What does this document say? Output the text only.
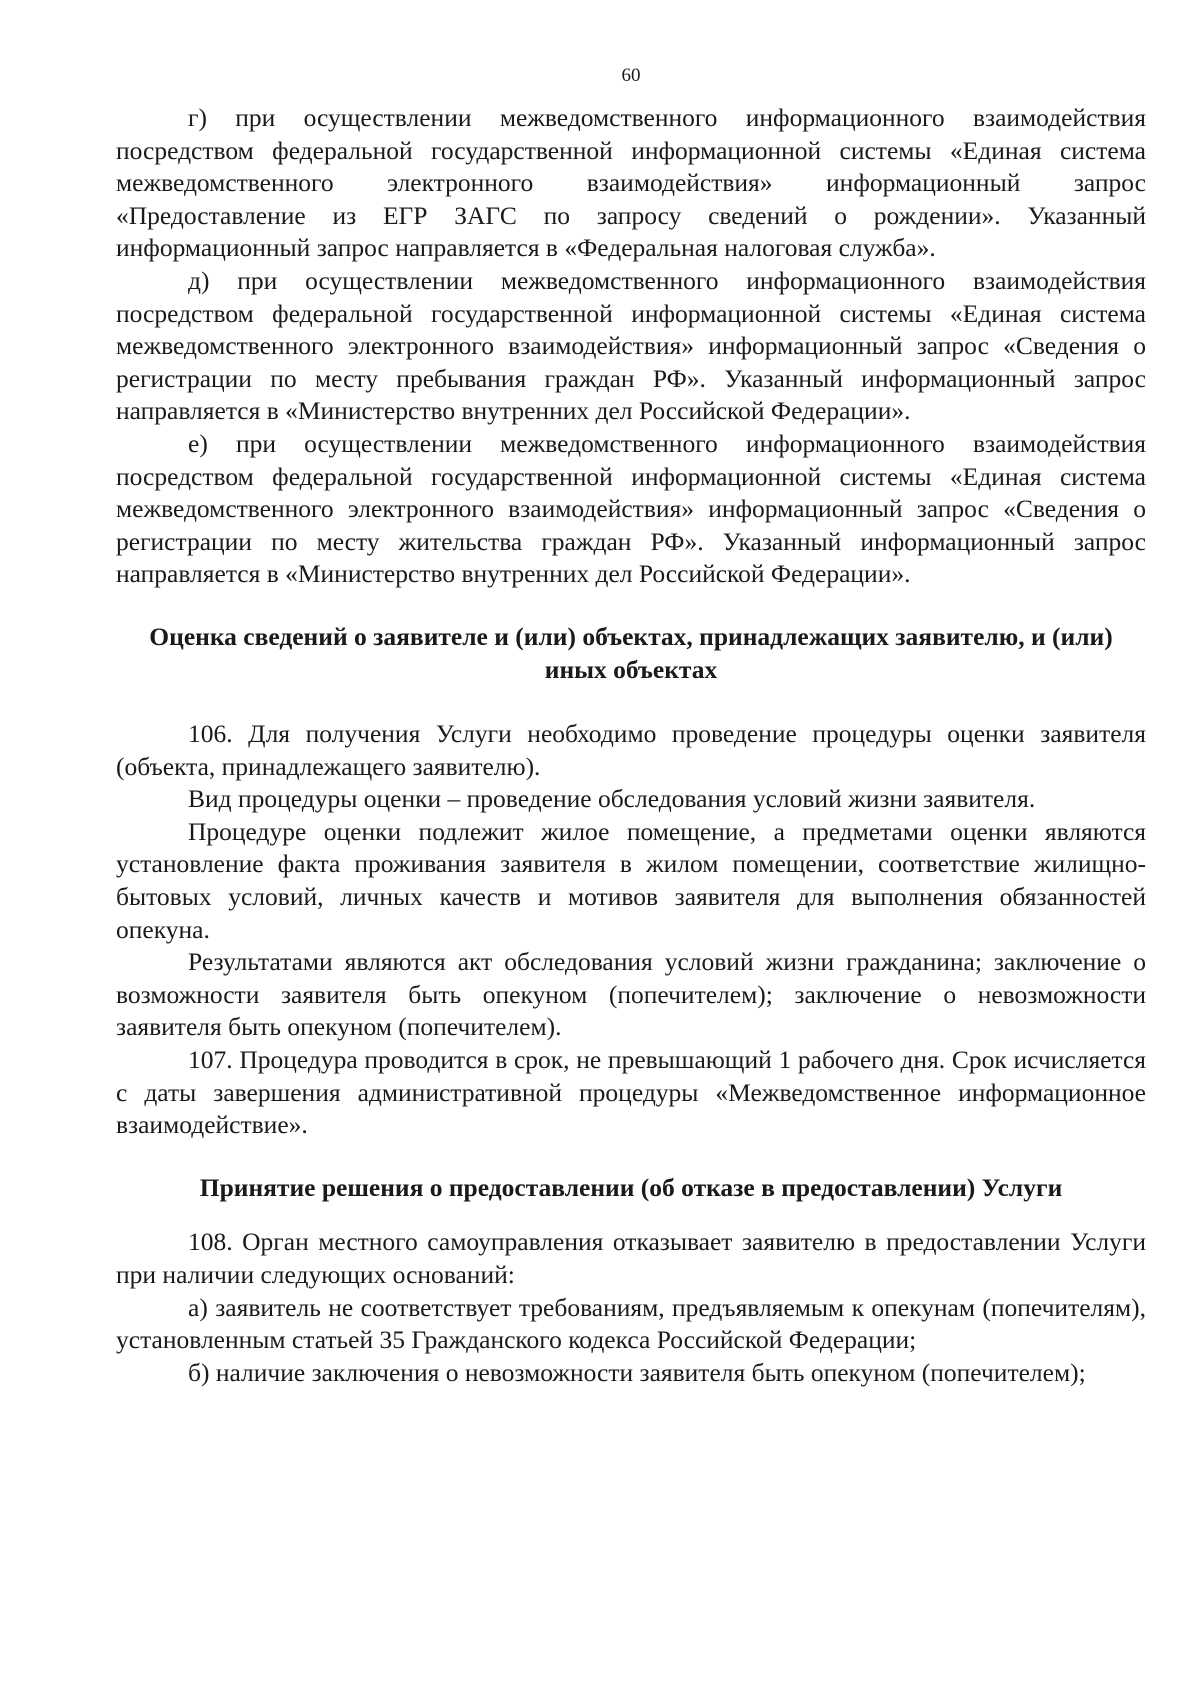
60

г) при осуществлении межведомственного информационного взаимодействия посредством федеральной государственной информационной системы «Единая система межведомственного электронного взаимодействия» информационный запрос «Предоставление из ЕГР ЗАГС по запросу сведений о рождении». Указанный информационный запрос направляется в «Федеральная налоговая служба».

д) при осуществлении межведомственного информационного взаимодействия посредством федеральной государственной информационной системы «Единая система межведомственного электронного взаимодействия» информационный запрос «Сведения о регистрации по месту пребывания граждан РФ». Указанный информационный запрос направляется в «Министерство внутренних дел Российской Федерации».

е) при осуществлении межведомственного информационного взаимодействия посредством федеральной государственной информационной системы «Единая система межведомственного электронного взаимодействия» информационный запрос «Сведения о регистрации по месту жительства граждан РФ». Указанный информационный запрос направляется в «Министерство внутренних дел Российской Федерации».

Оценка сведений о заявителе и (или) объектах, принадлежащих заявителю, и (или) иных объектах

106. Для получения Услуги необходимо проведение процедуры оценки заявителя (объекта, принадлежащего заявителю).

Вид процедуры оценки – проведение обследования условий жизни заявителя.

Процедуре оценки подлежит жилое помещение, а предметами оценки являются установление факта проживания заявителя в жилом помещении, соответствие жилищно-бытовых условий, личных качеств и мотивов заявителя для выполнения обязанностей опекуна.

Результатами являются акт обследования условий жизни гражданина; заключение о возможности заявителя быть опекуном (попечителем); заключение о невозможности заявителя быть опекуном (попечителем).

107. Процедура проводится в срок, не превышающий 1 рабочего дня. Срок исчисляется с даты завершения административной процедуры «Межведомственное информационное взаимодействие».

Принятие решения о предоставлении (об отказе в предоставлении) Услуги

108. Орган местного самоуправления отказывает заявителю в предоставлении Услуги при наличии следующих оснований:

а) заявитель не соответствует требованиям, предъявляемым к опекунам (попечителям), установленным статьей 35 Гражданского кодекса Российской Федерации;

б) наличие заключения о невозможности заявителя быть опекуном (попечителем);
